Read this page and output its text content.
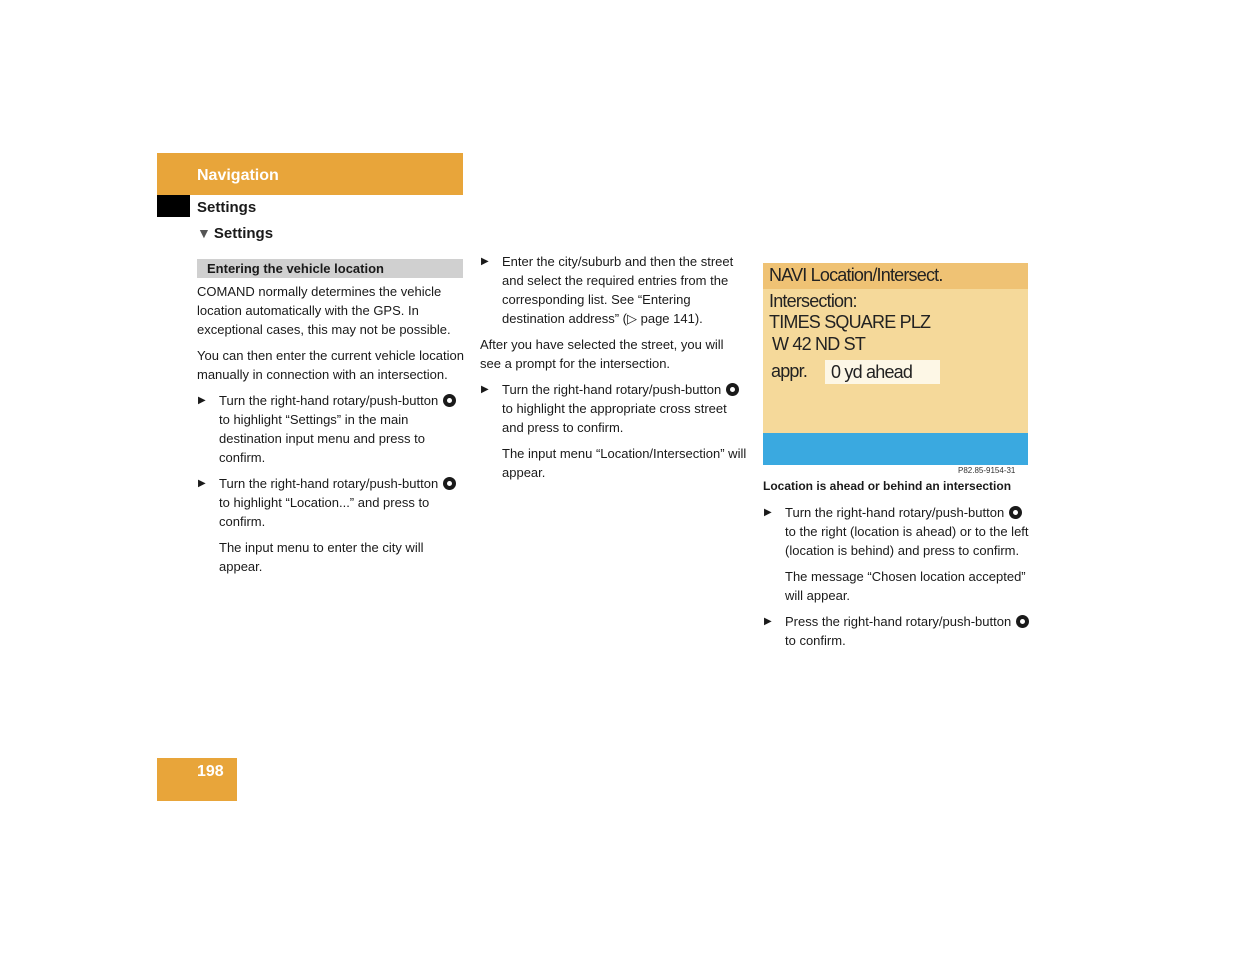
Navigation
Settings
▼ Settings
Entering the vehicle location

COMAND normally determines the vehicle location automatically with the GPS. In exceptional cases, this may not be possible.

You can then enter the current vehicle location manually in connection with an intersection.

▶ Turn the right-hand rotary/push-button  to highlight “Settings” in the main destination input menu and press to confirm.
▶ Turn the right-hand rotary/push-button  to highlight “Location...” and press to confirm.
The input menu to enter the city will appear.
▶ Enter the city/suburb and then the street and select the required entries from the corresponding list. See “Entering destination address” (▷ page 141).

After you have selected the street, you will see a prompt for the intersection.

▶ Turn the right-hand rotary/push-button  to highlight the appropriate cross street and press to confirm.
The input menu “Location/Intersection” will appear.
NAVI Location/Intersect.
Intersection:
TIMES SQUARE PLZ
W 42 ND ST
appr.	0 yd ahead
P82.85-9154-31
Location is ahead or behind an intersection
▶ Turn the right-hand rotary/push-button  to the right (location is ahead) or to the left (location is behind) and press to confirm.
The message “Chosen location accepted” will appear.
▶ Press the right-hand rotary/push-button  to confirm.
198
